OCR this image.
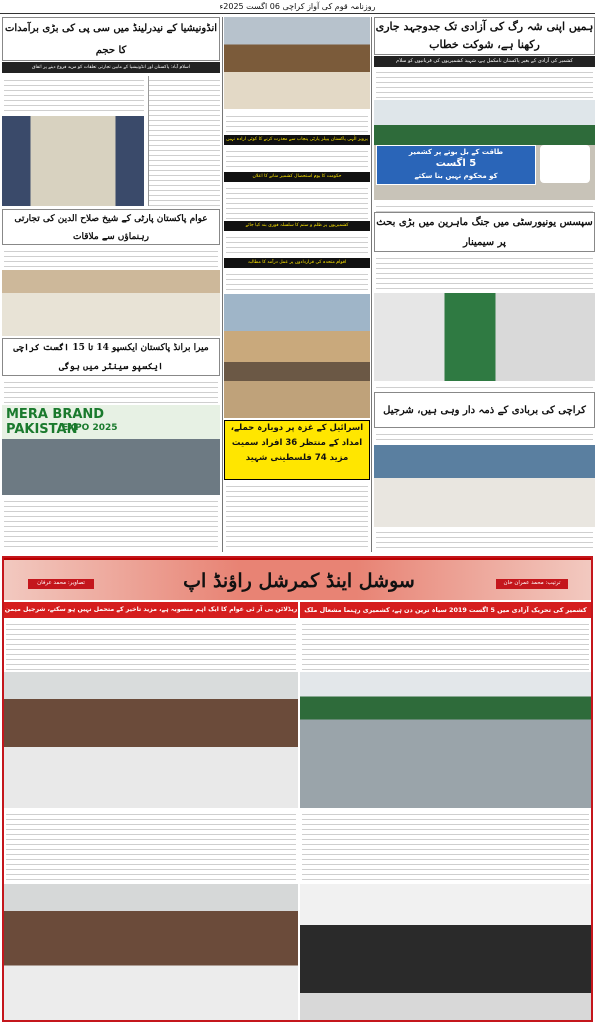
روزنامہ قوم کی آواز کراچی 06 اگست 2025ء
ہمیں اپنی شہ رگ کی آزادی تک جدوجہد جاری رکھنا ہے، شوکت خطاب
کشمیر کی آزادی کے بغیر پاکستان نامکمل ہے، شہید کشمیریوں کی قربانیوں کو سلام
طاقت کے بل بوتے پر کشمیر
5 اگست
کو محکوم نہیں بنا سکتے
سپسس یونیورسٹی میں جنگ ماہرین میں بڑی بحث پر سیمینار
کراچی کی بربادی کے ذمہ دار وہی ہیں، شرجیل
پرویز الٰہی پاکستان پیپلز پارٹی پنجاب سے معذرت کرنے کا کوئی ارادہ نہیں
حکومت کا یوم استحصال کشمیر منانے کا اعلان
کشمیریوں پر ظلم و ستم کا سلسلہ فوری بند کیا جائے
اقوام متحدہ کی قراردادوں پر عمل درآمد کا مطالبہ
اسرائیل کے غزہ پر دوبارہ حملے، امداد کے منتظر 36 افراد سمیت مزید 74 فلسطینی شہید
انڈونیشیا کے نیدرلینڈ میں سی پی کی بڑی برآمدات کا حجم
اسلام آباد: پاکستان اور انڈونیشیا کے مابین تجارتی تعلقات کو مزید فروغ دینے پر اتفاق
عوام پاکستان پارٹی کے شیخ صلاح الدین کی تجارتی رہنماؤں سے ملاقات
میرا برانڈ پاکستان ایکسپو 14 تا 15 اگست کراچی ایکسپو سینٹر میں ہوگی
MERA BRAND PAKISTAN
EXPO 2025
سوشل اینڈ کمرشل راؤنڈ اپ	ترتیب: محمد عمران خان
تصاویر: محمد عرفان
ریڈلائن بی آر ٹی عوام کا ایک اہم منصوبہ ہے، مزید تاخیر کے متحمل نہیں ہو سکتے، شرجیل میمن	کشمیر کی تحریک آزادی میں 5 اگست 2019 سیاہ ترین دن ہے، کشمیری رہنما مشعال ملک
